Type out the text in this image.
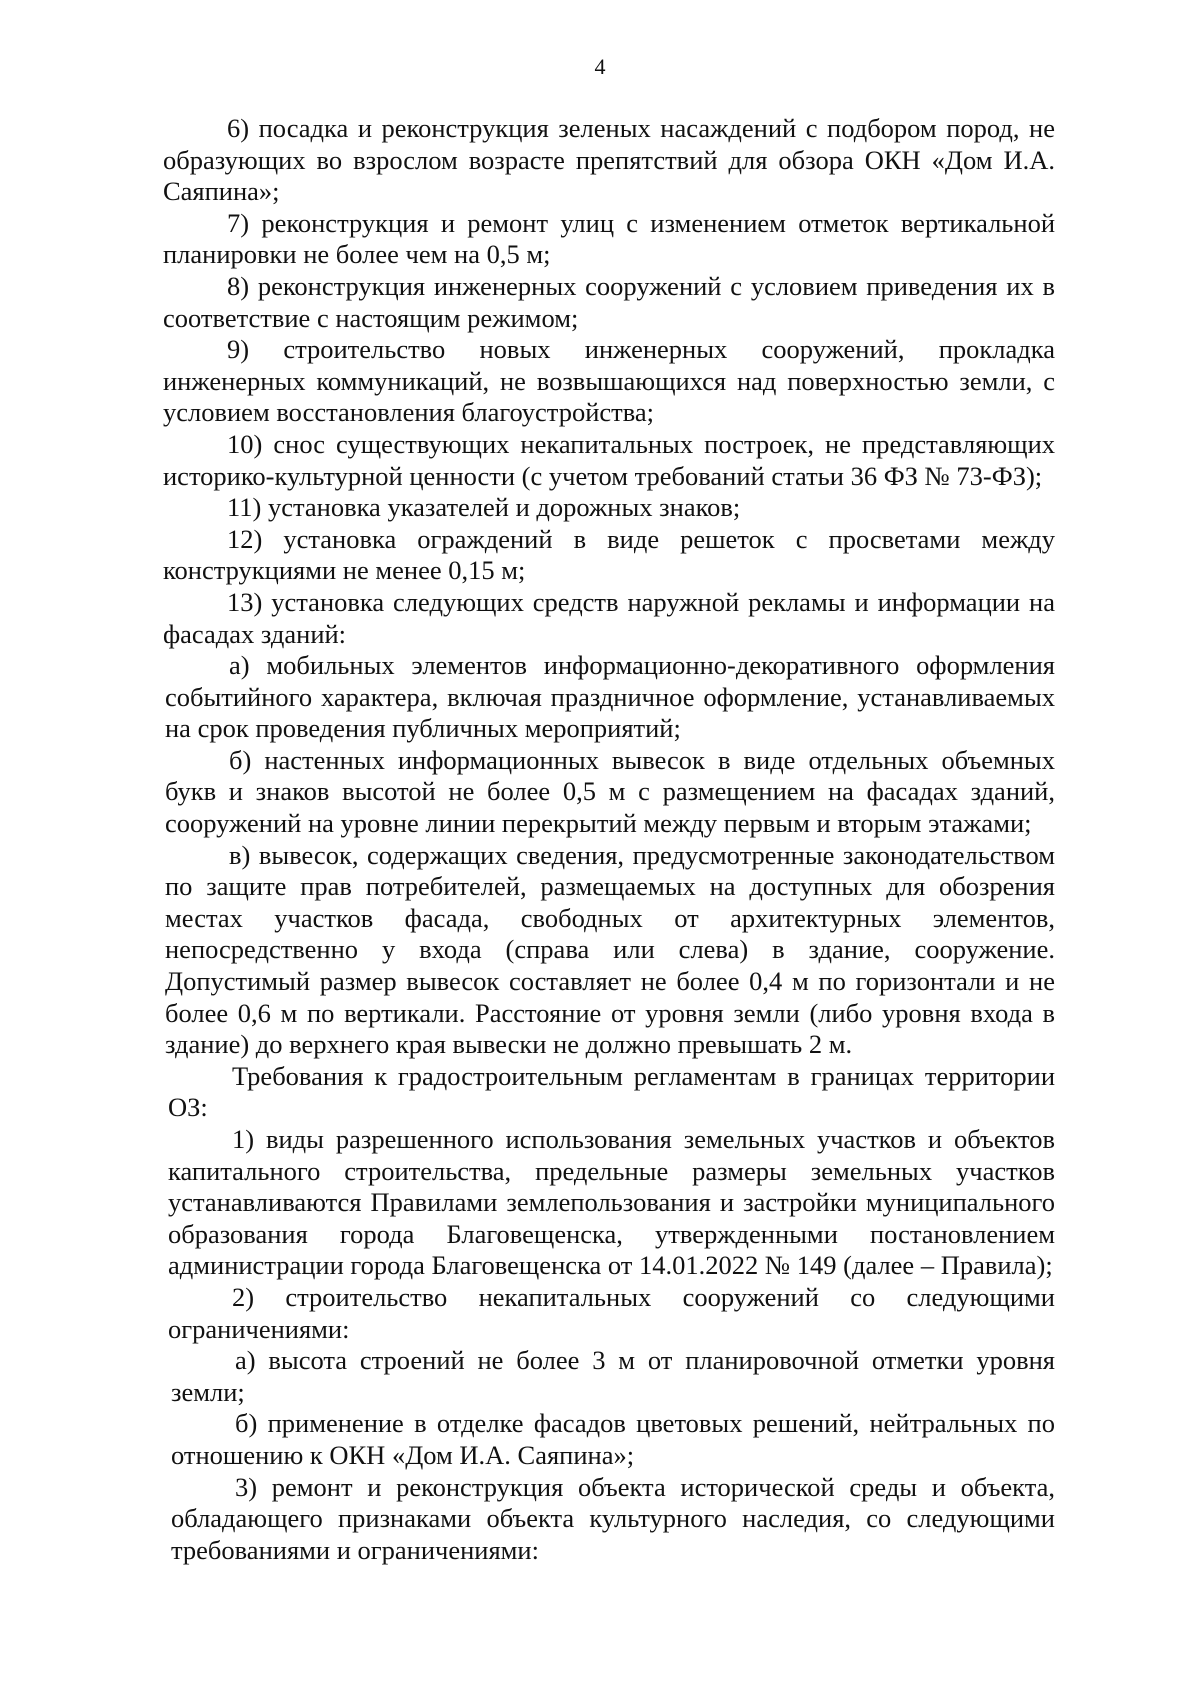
4

6) посадка и реконструкция зеленых насаждений с подбором пород, не образующих во взрослом возрасте препятствий для обзора ОКН «Дом И.А. Саяпина»;

7) реконструкция и ремонт улиц с изменением отметок вертикальной планировки не более чем на 0,5 м;

8) реконструкция инженерных сооружений с условием приведения их в соответствие с настоящим режимом;

9) строительство новых инженерных сооружений, прокладка инженерных коммуникаций, не возвышающихся над поверхностью земли, с условием восстановления благоустройства;

10) снос существующих некапитальных построек, не представляющих историко-культурной ценности (с учетом требований статьи 36 ФЗ № 73-ФЗ);

11) установка указателей и дорожных знаков;

12) установка ограждений в виде решеток с просветами между конструкциями не менее 0,15 м;

13) установка следующих средств наружной рекламы и информации на фасадах зданий:

а) мобильных элементов информационно-декоративного оформления событийного характера, включая праздничное оформление, устанавливаемых на срок проведения публичных мероприятий;

б) настенных информационных вывесок в виде отдельных объемных букв и знаков высотой не более 0,5 м с размещением на фасадах зданий, сооружений на уровне линии перекрытий между первым и вторым этажами;

в) вывесок, содержащих сведения, предусмотренные законодательством по защите прав потребителей, размещаемых на доступных для обозрения местах участков фасада, свободных от архитектурных элементов, непосредственно у входа (справа или слева) в здание, сооружение. Допустимый размер вывесок составляет не более 0,4 м по горизонтали и не более 0,6 м по вертикали. Расстояние от уровня земли (либо уровня входа в здание) до верхнего края вывески не должно превышать 2 м.

Требования к градостроительным регламентам в границах территории ОЗ:

1) виды разрешенного использования земельных участков и объектов капитального строительства, предельные размеры земельных участков устанавливаются Правилами землепользования и застройки муниципального образования города Благовещенска, утвержденными постановлением администрации города Благовещенска от 14.01.2022 № 149 (далее – Правила);

2) строительство некапитальных сооружений со следующими ограничениями:

а) высота строений не более 3 м от планировочной отметки уровня земли;

б) применение в отделке фасадов цветовых решений, нейтральных по отношению к ОКН «Дом И.А. Саяпина»;

3) ремонт и реконструкция объекта исторической среды и объекта, обладающего признаками объекта культурного наследия, со следующими требованиями и ограничениями:
